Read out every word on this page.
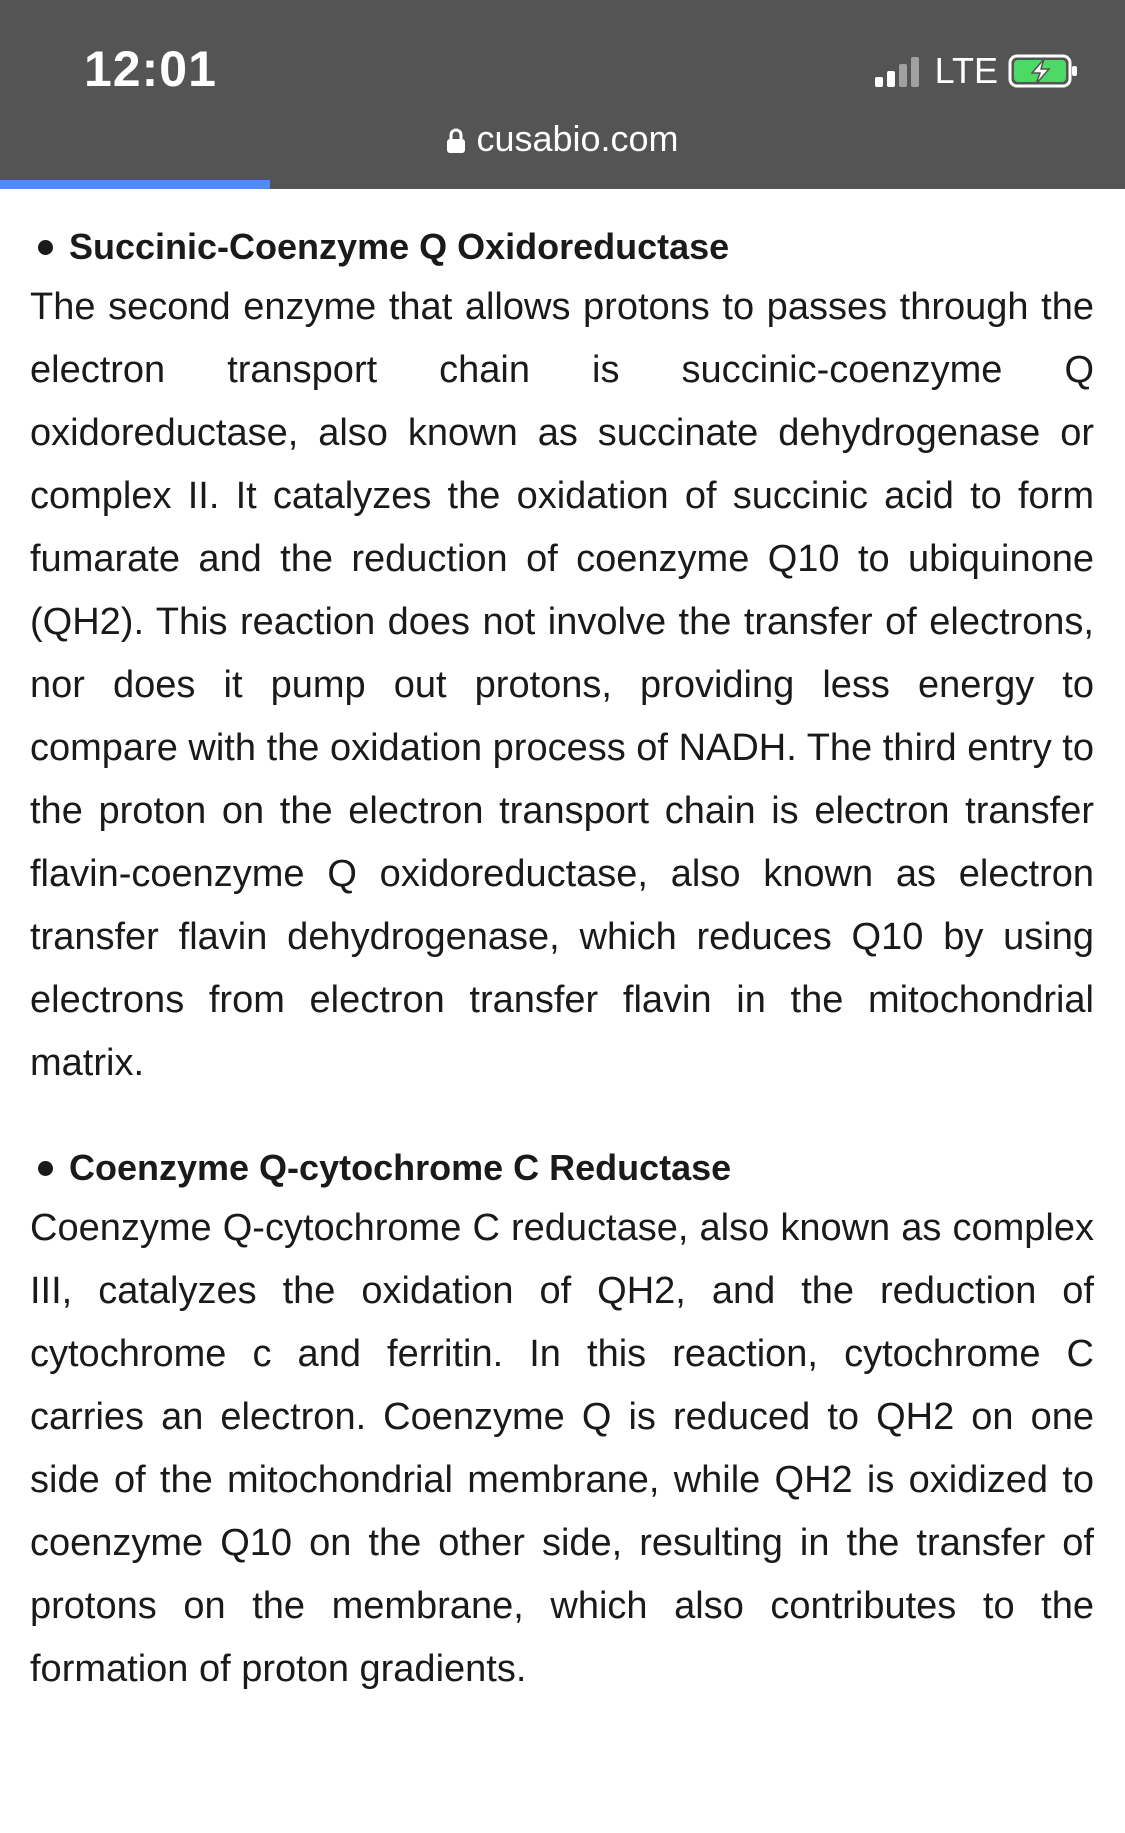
12:01	LTE
cusabio.com
Succinic-Coenzyme Q Oxidoreductase

The second enzyme that allows protons to passes through the electron transport chain is succinic-coenzyme Q oxidoreductase, also known as succinate dehydrogenase or complex II. It catalyzes the oxidation of succinic acid to form fumarate and the reduction of coenzyme Q10 to ubiquinone (QH2). This reaction does not involve the transfer of electrons, nor does it pump out protons, providing less energy to compare with the oxidation process of NADH. The third entry to the proton on the electron transport chain is electron transfer flavin-coenzyme Q oxidoreductase, also known as electron transfer flavin dehydrogenase, which reduces Q10 by using electrons from electron transfer flavin in the mitochondrial matrix.

Coenzyme Q-cytochrome C Reductase

Coenzyme Q-cytochrome C reductase, also known as complex III, catalyzes the oxidation of QH2, and the reduction of cytochrome c and ferritin. In this reaction, cytochrome C carries an electron. Coenzyme Q is reduced to QH2 on one side of the mitochondrial membrane, while QH2 is oxidized to coenzyme Q10 on the other side, resulting in the transfer of protons on the membrane, which also contributes to the formation of proton gradients.
